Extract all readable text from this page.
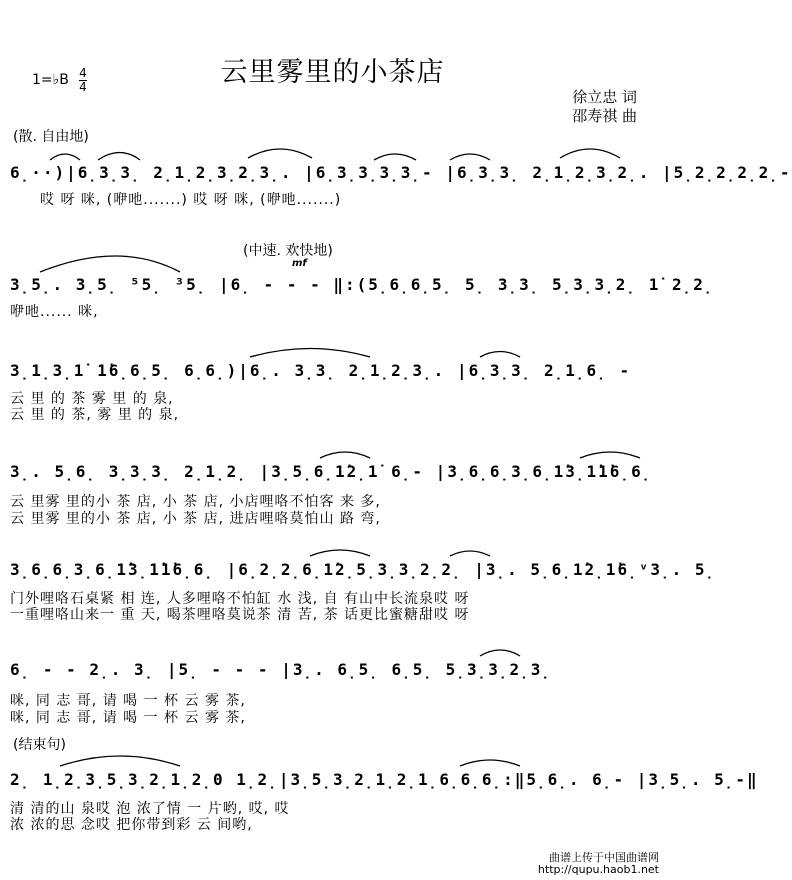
云里雾里的小茶店
1=♭B 4
4
徐立忠 词
邵寿祺 曲
(散. 自由地)
(中速. 欢快地)
(结束句)
mf
6̣··)|6̣3̣3̣ 2̣1̣2̣3̣2̣3̣. |6̣3̣3̣3̣3̣- |6̣3̣3̣ 2̣1̣2̣3̣2̣. |5̣2̣2̣2̣2̣-
哎 呀 咪, (咿吔.......) 哎 呀 咪, (咿吔.......)
3̣5̣. 3̣5̣ ⁵5̣ ³5̣ |6̣ - - - ‖:(5̣6̣6̣5̣ 5̣ 3̣3̣ 5̣3̣3̣2̣ 1̇ 2̣2̣
咿吔...... 咪,
3̣1̣3̣1̇ 1̇6̣6̣5̣ 6̣6̣)|6̣. 3̣3̣ 2̣1̣2̣3̣. |6̣3̣3̣ 2̣1̣6̣ -
云 里 的 茶 雾 里 的 泉,
云 里 的 茶, 雾 里 的 泉,
3̣. 5̣6̣ 3̣3̣3̣ 2̣1̣2̣ |3̣5̣6̣1̇2̣1̇ 6̣- |3̣6̣6̣3̣6̣1̇3̣1̇1̇6̣6̣
云 里雾 里的小 茶 店, 小 茶 店, 小店哩咯不怕客 来 多,
云 里雾 里的小 茶 店, 小 茶 店, 进店哩咯莫怕山 路 弯,
3̣6̣6̣3̣6̣1̇3̣1̇1̇6̣6̣ |6̣2̣2̣6̣1̇2̣5̣3̣3̣2̣2̣ |3̣. 5̣6̣1̇2̣1̇6̣ᵛ3̣. 5̣
门外哩咯石桌紧 相 连, 人多哩咯不怕缸 水 浅, 自 有山中长流泉哎 呀
一重哩咯山来一 重 天, 喝茶哩咯莫说茶 清 苦, 茶 话更比蜜糖甜哎 呀
6̣ - - 2̣. 3̣ |5̣ - - - |3̣. 6̣5̣ 6̣5̣ 5̣3̣3̣2̣3̣
咪, 同 志 哥, 请 喝 一 杯 云 雾 茶,
咪, 同 志 哥, 请 喝 一 杯 云 雾 茶,
2̣ 1̣2̣3̣5̣3̣2̣1̣2̣0 1̣2̣|3̣5̣3̣2̣1̣2̣1̣6̣6̣6̣:‖5̣6̣. 6̣- |3̣5̣. 5̣-‖
清 清的山 泉哎 泡 浓了情 一 片哟, 哎, 哎
浓 浓的思 念哎 把你带到彩 云 间哟,
曲谱上传于中国曲谱网
http://qupu.haob1.net
